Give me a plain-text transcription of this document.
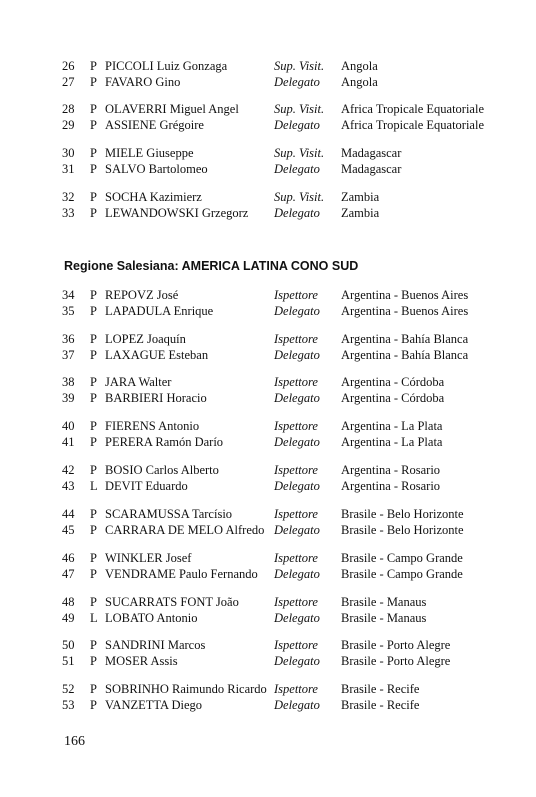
26	P PICCOLI Luiz Gonzaga	Sup. Visit. Angola
27	P FAVARO Gino	Delegato Angola
28	P OLAVERRI Miguel Angel	Sup. Visit. Africa Tropicale Equatoriale
29	P ASSIENE Grégoire	Delegato Africa Tropicale Equatoriale
30	P MIELE Giuseppe	Sup. Visit. Madagascar
31	P SALVO Bartolomeo	Delegato Madagascar
32	P SOCHA Kazimierz	Sup. Visit. Zambia
33	P LEWANDOWSKI Grzegorz Delegato Zambia
Regione Salesiana: AMERICA LATINA CONO SUD
34	P REPOVZ José	Ispettore Argentina - Buenos Aires
35	P LAPADULA Enrique	Delegato Argentina - Buenos Aires
36	P LOPEZ Joaquín	Ispettore Argentina - Bahía Blanca
37	P LAXAGUE Esteban	Delegato Argentina - Bahía Blanca
38	P JARA Walter	Ispettore Argentina - Córdoba
39	P BARBIERI Horacio	Delegato Argentina - Córdoba
40	P FIERENS Antonio	Ispettore Argentina - La Plata
41	P PERERA Ramón Darío	Delegato Argentina - La Plata
42	P BOSIO Carlos Alberto	Ispettore Argentina - Rosario
43	L DEVIT Eduardo	Delegato Argentina - Rosario
44	P SCARAMUSSA Tarcísio	Ispettore Brasile - Belo Horizonte
45	P CARRARA DE MELO Alfredo Delegato Brasile - Belo Horizonte
46	P WINKLER Josef	Ispettore Brasile - Campo Grande
47	P VENDRAME Paulo Fernando Delegato Brasile - Campo Grande
48	P SUCARRATS FONT João	Ispettore Brasile - Manaus
49	L LOBATO Antonio	Delegato Brasile - Manaus
50	P SANDRINI Marcos	Ispettore Brasile - Porto Alegre
51	P MOSER Assis	Delegato Brasile - Porto Alegre
52	P SOBRINHO Raimundo Ricardo Ispettore Brasile - Recife
53	P VANZETTA Diego	Delegato Brasile - Recife
166
